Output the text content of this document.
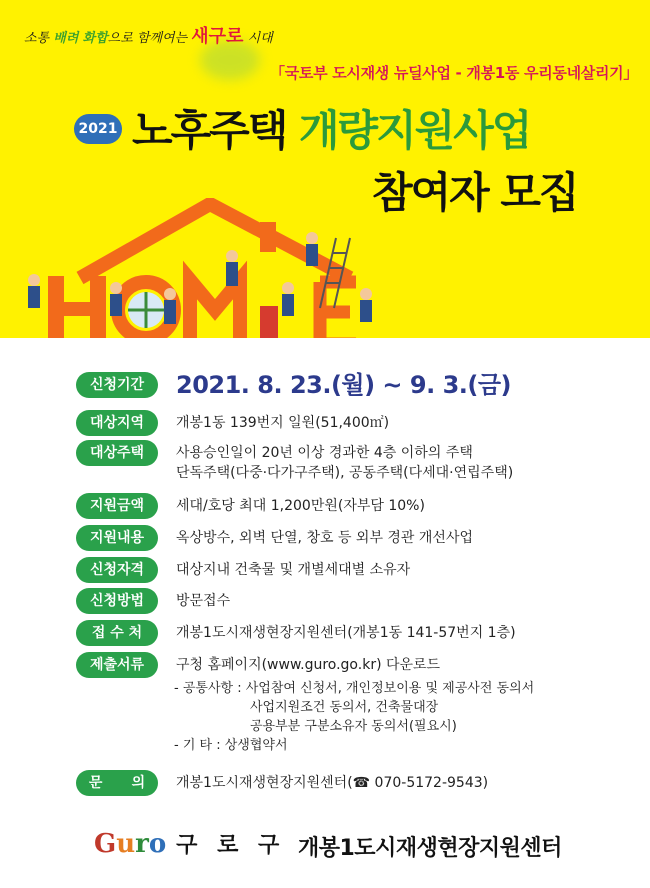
소통 배려 화합으로 함께여는 새구로 시대
「국토부 도시재생 뉴딜사업 - 개봉1동 우리동네살리기」
2021 노후주택 개량지원사업
참여자 모집
신청기간	2021. 8. 23.(월) ~ 9. 3.(금)
대상지역	개봉1동 139번지 일원(51,400㎡)
대상주택	사용승인일이 20년 이상 경과한 4층 이하의 주택
단독주택(다중·다가구주택), 공동주택(다세대·연립주택)
지원금액	세대/호당 최대 1,200만원(자부담 10%)
지원내용	옥상방수, 외벽 단열, 창호 등 외부 경관 개선사업
신청자격	대상지내 건축물 및 개별세대별 소유자
신청방법	방문접수
접 수 처	개봉1도시재생현장지원센터(개봉1동 141-57번지 1층)
제출서류	구청 홈페이지(www.guro.go.kr) 다운로드
- 공통사항 : 사업참여 신청서, 개인정보이용 및 제공사전 동의서
사업지원조건 동의서, 건축물대장
공용부분 구분소유자 동의서(필요시)
- 기 타 : 상생협약서
문      의	개봉1도시재생현장지원센터(☎ 070-5172-9543)
Guro 구 로 구 개봉1도시재생현장지원센터
